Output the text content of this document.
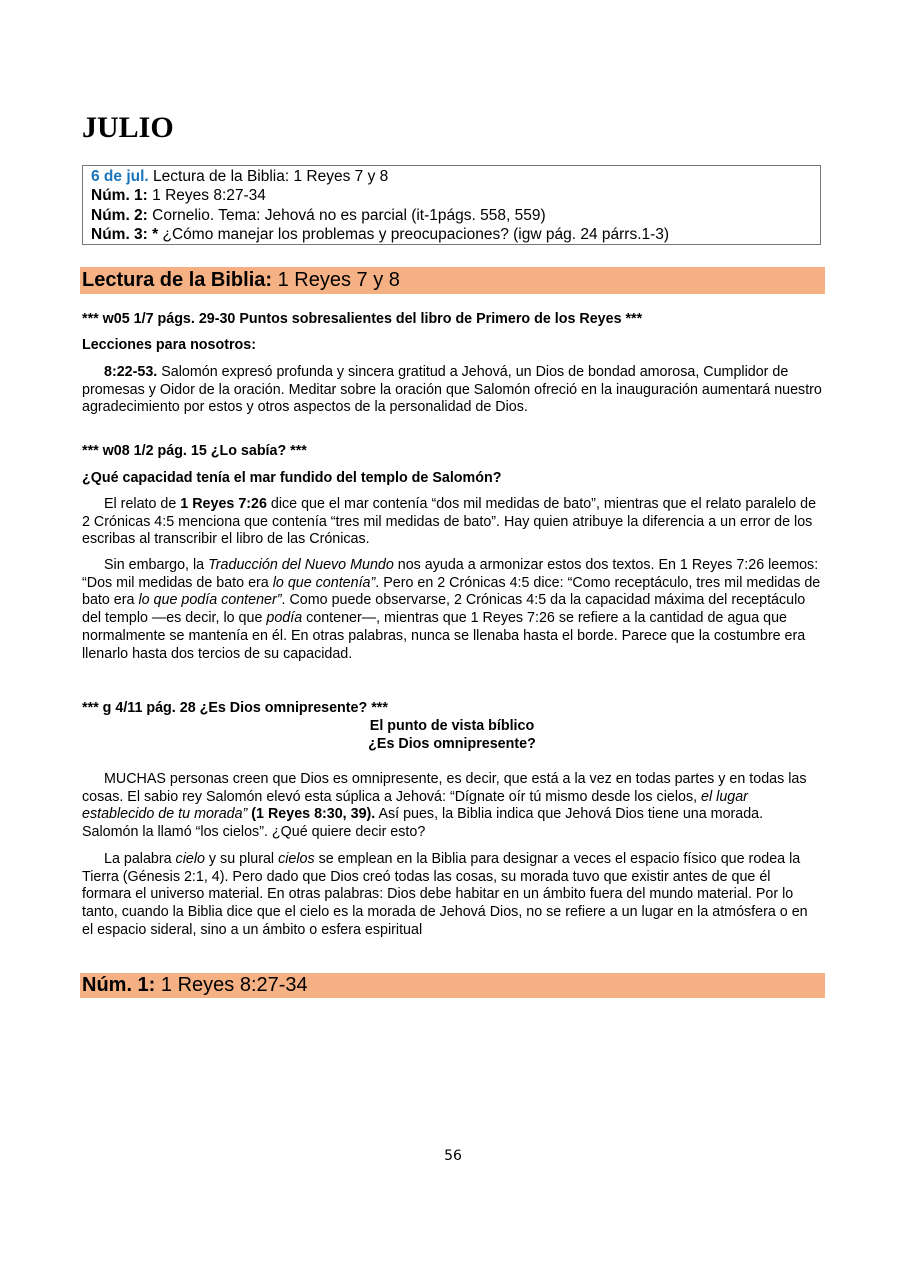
JULIO
6 de jul. Lectura de la Biblia: 1 Reyes 7 y 8
Núm. 1: 1 Reyes 8:27-34
Núm. 2: Cornelio. Tema: Jehová no es parcial (it-1págs. 558, 559)
Núm. 3: * ¿Cómo manejar los problemas y preocupaciones? (igw pág. 24 párrs.1-3)
Lectura de la Biblia: 1 Reyes 7 y 8

*** w05 1/7 págs. 29-30 Puntos sobresalientes del libro de Primero de los Reyes ***

Lecciones para nosotros:

8:22-53. Salomón expresó profunda y sincera gratitud a Jehová, un Dios de bondad amorosa, Cumplidor de promesas y Oidor de la oración. Meditar sobre la oración que Salomón ofreció en la inauguración aumentará nuestro agradecimiento por estos y otros aspectos de la personalidad de Dios.

*** w08 1/2 pág. 15 ¿Lo sabía? ***

¿Qué capacidad tenía el mar fundido del templo de Salomón?

El relato de 1 Reyes 7:26 dice que el mar contenía “dos mil medidas de bato”, mientras que el relato paralelo de 2 Crónicas 4:5 menciona que contenía “tres mil medidas de bato”. Hay quien atribuye la diferencia a un error de los escribas al transcribir el libro de las Crónicas.

Sin embargo, la Traducción del Nuevo Mundo nos ayuda a armonizar estos dos textos. En 1 Reyes 7:26 leemos: “Dos mil medidas de bato era lo que contenía”. Pero en 2 Crónicas 4:5 dice: “Como receptáculo, tres mil medidas de bato era lo que podía contener”. Como puede observarse, 2 Crónicas 4:5 da la capacidad máxima del receptáculo del templo —es decir, lo que podía contener—, mientras que 1 Reyes 7:26 se refiere a la cantidad de agua que normalmente se mantenía en él. En otras palabras, nunca se llenaba hasta el borde. Parece que la costumbre era llenarlo hasta dos tercios de su capacidad.

*** g 4/11 pág. 28 ¿Es Dios omnipresente? ***

El punto de vista bíblico

¿Es Dios omnipresente?

MUCHAS personas creen que Dios es omnipresente, es decir, que está a la vez en todas partes y en todas las cosas. El sabio rey Salomón elevó esta súplica a Jehová: “Dígnate oír tú mismo desde los cielos, el lugar establecido de tu morada” (1 Reyes 8:30, 39). Así pues, la Biblia indica que Jehová Dios tiene una morada. Salomón la llamó “los cielos”. ¿Qué quiere decir esto?

La palabra cielo y su plural cielos se emplean en la Biblia para designar a veces el espacio físico que rodea la Tierra (Génesis 2:1, 4). Pero dado que Dios creó todas las cosas, su morada tuvo que existir antes de que él formara el universo material. En otras palabras: Dios debe habitar en un ámbito fuera del mundo material. Por lo tanto, cuando la Biblia dice que el cielo es la morada de Jehová Dios, no se refiere a un lugar en la atmósfera o en el espacio sideral, sino a un ámbito o esfera espiritual

Núm. 1: 1 Reyes 8:27-34
56
